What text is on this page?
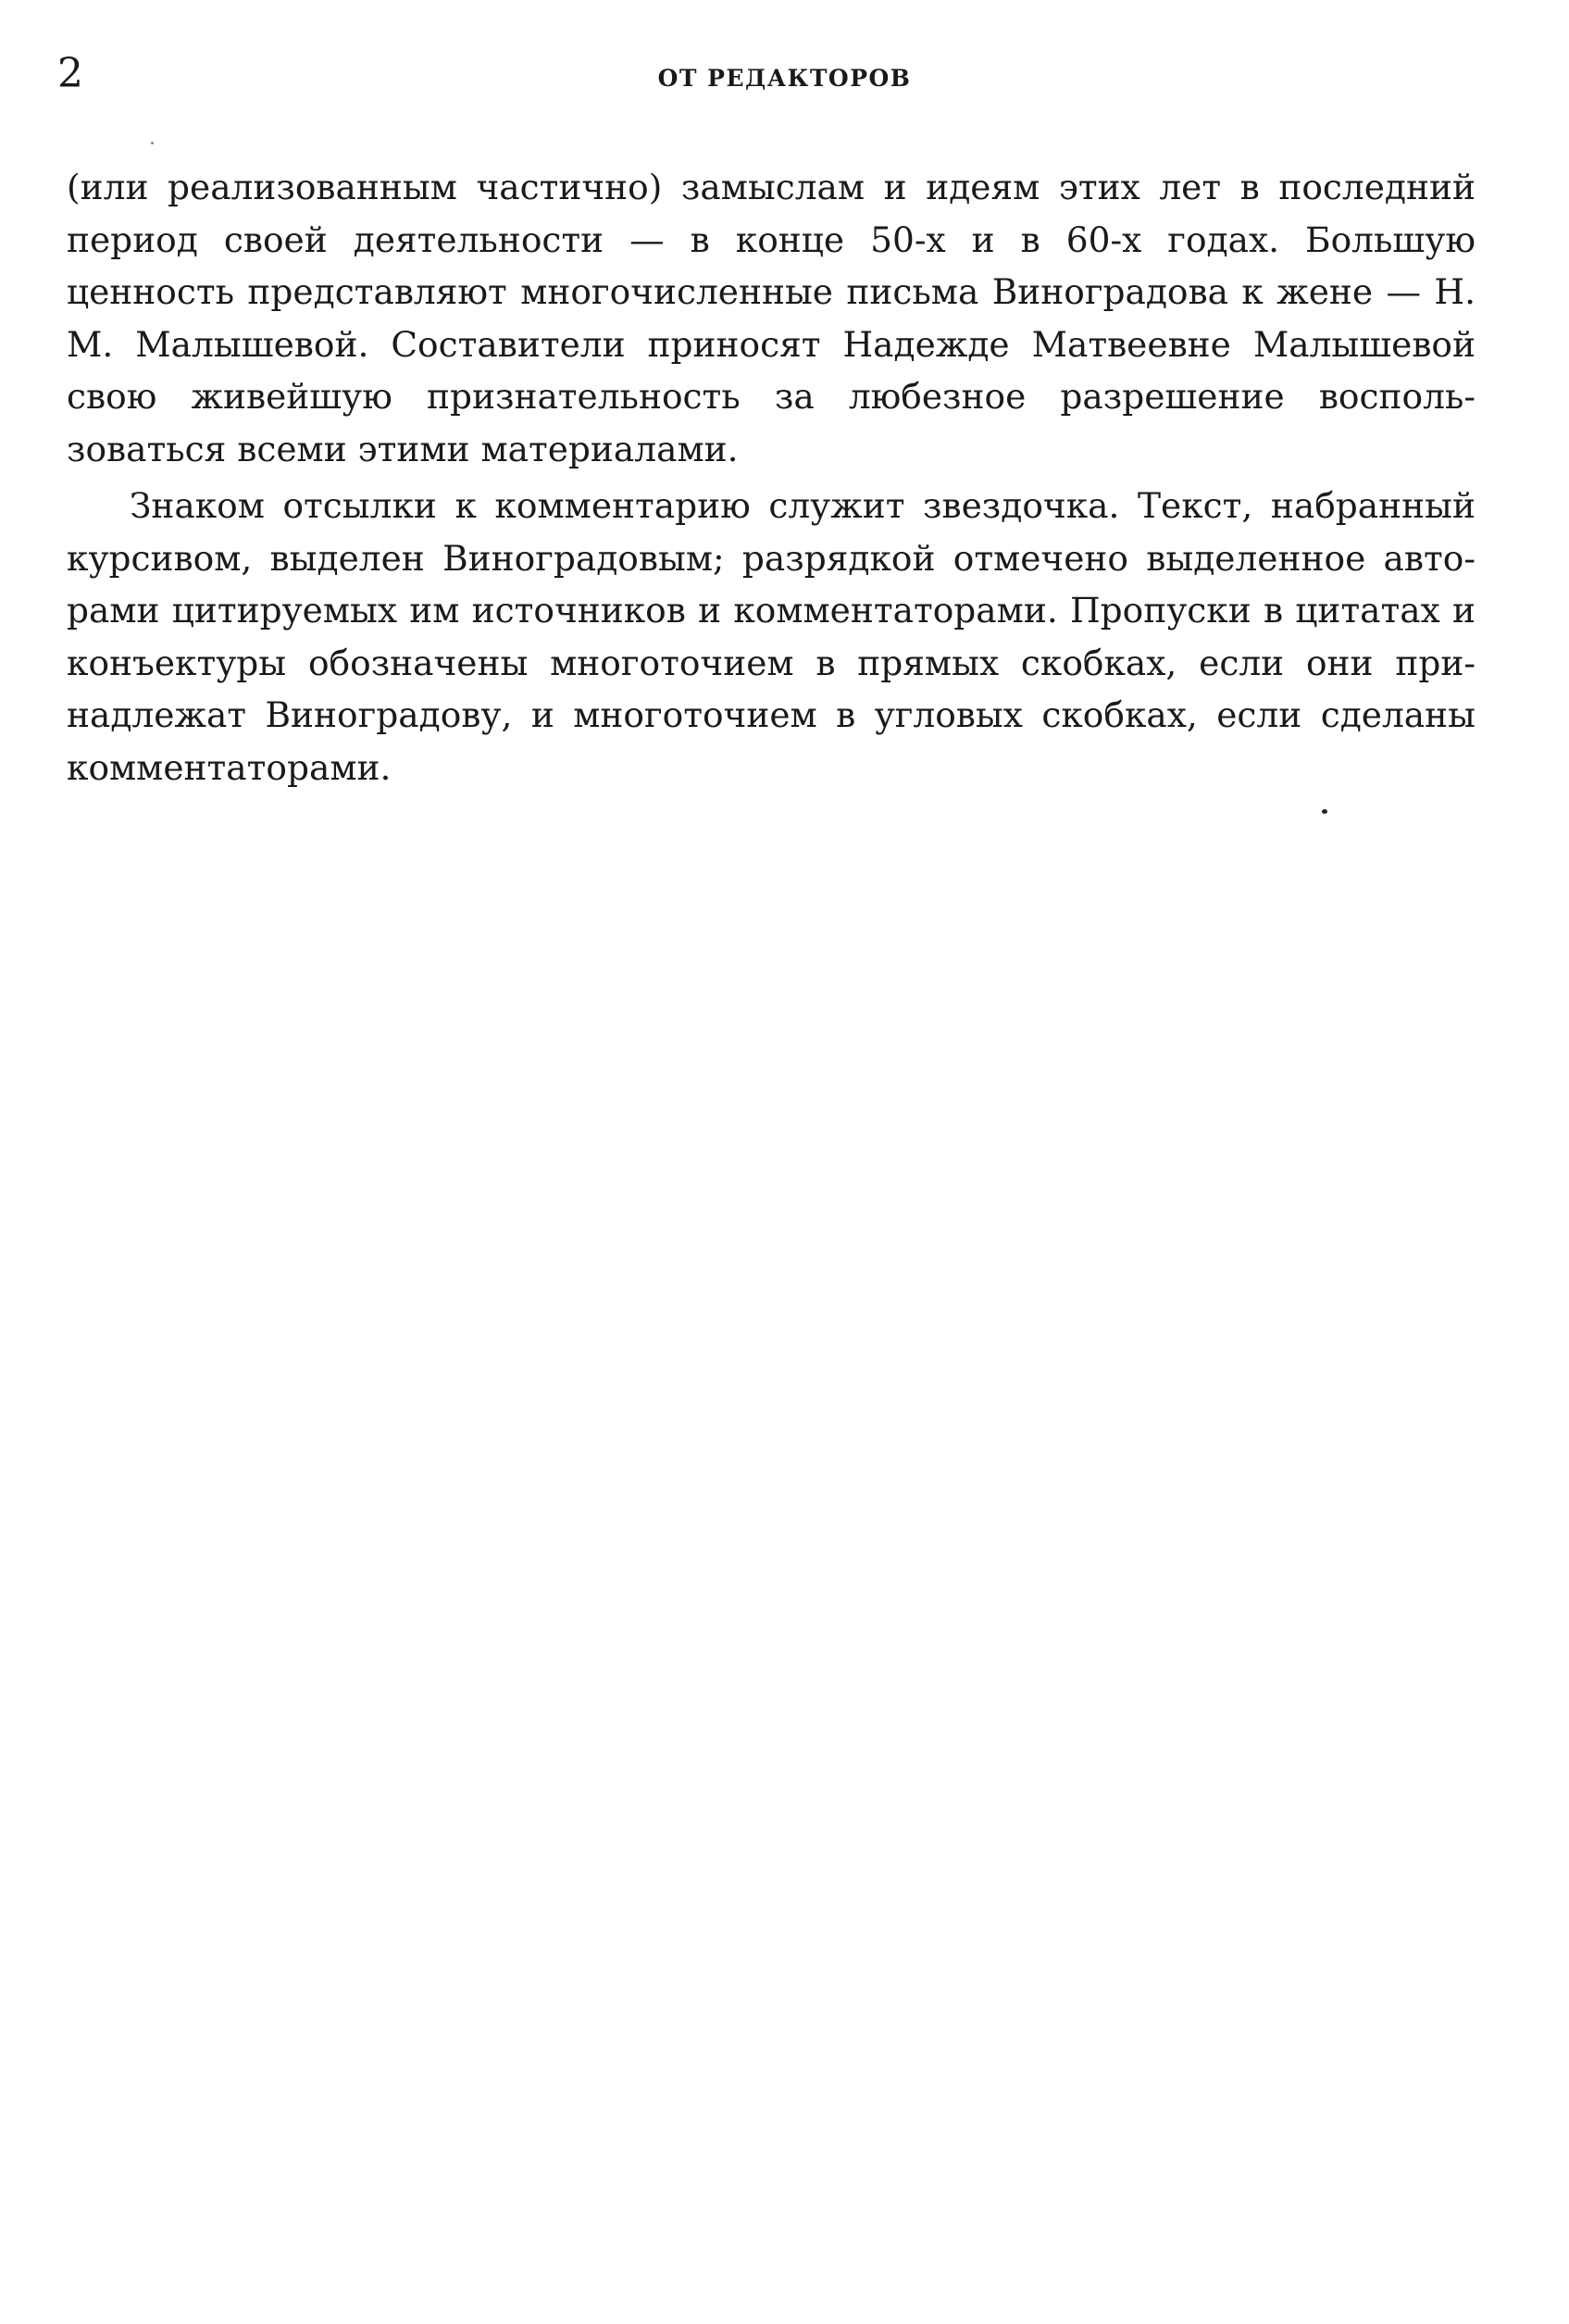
2	ОТ РЕДАКТОРОВ

(или реализованным частично) замыслам и идеям этих лет в последний период своей деятельности — в конце 50-х и в 60-х годах. Большую ценность представляют многочисленные письма Виноградова к жене — Н. М. Малышевой. Составители приносят Надежде Матвеевне Малышевой свою живейшую признательность за любезное разрешение воспользоваться всеми этими материалами.

Знаком отсылки к комментарию служит звездочка. Текст, набранный курсивом, выделен Виноградовым; разрядкой отмечено выделенное авторами цитируемых им источников и комментаторами. Пропуски в цитатах и конъектуры обозначены многоточием в прямых скобках, если они принадлежат Виноградову, и многоточием в угловых скобках, если сделаны комментаторами.
